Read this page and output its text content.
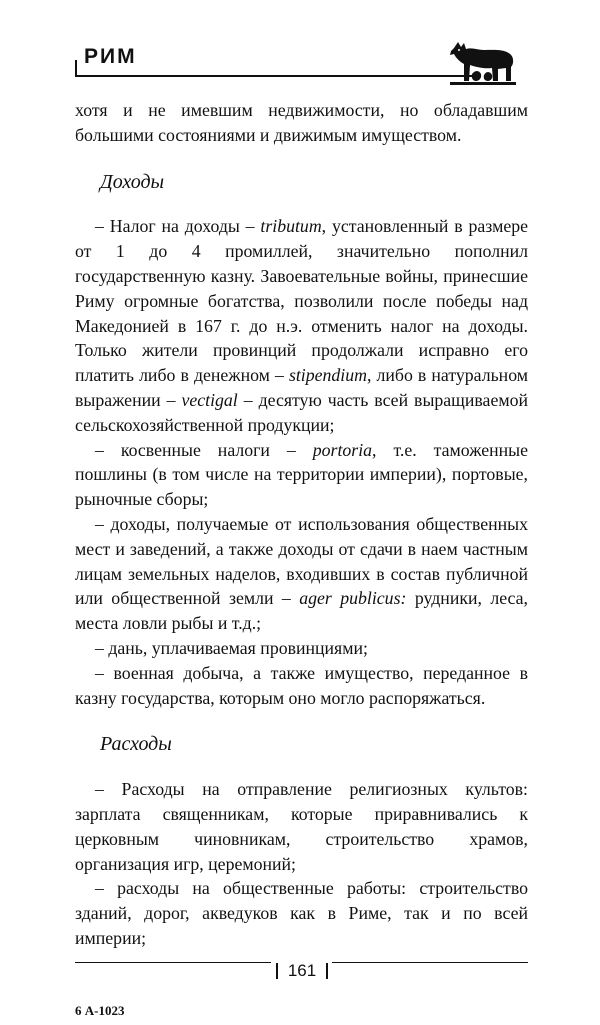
РИМ

хотя и не имевшим недвижимости, но обладавшим большими состояниями и движимым имуществом.

Доходы

– Налог на доходы – tributum, установленный в размере от 1 до 4 промиллей, значительно пополнил государственную казну. Завоевательные войны, принесшие Риму огромные богатства, позволили после победы над Македонией в 167 г. до н.э. отменить налог на доходы. Только жители провинций продолжали исправно его платить либо в денежном – stipendium, либо в натуральном выражении – vectigal – десятую часть всей выращиваемой сельскохозяйственной продукции;

– косвенные налоги – portoria, т.е. таможенные пошлины (в том числе на территории империи), портовые, рыночные сборы;

– доходы, получаемые от использования общественных мест и заведений, а также доходы от сдачи в наем частным лицам земельных наделов, входивших в состав публичной или общественной земли – ager publicus: рудники, леса, места ловли рыбы и т.д.;

– дань, уплачиваемая провинциями;

– военная добыча, а также имущество, переданное в казну государства, которым оно могло распоряжаться.

Расходы

– Расходы на отправление религиозных культов: зарплата священникам, которые приравнивались к церковным чиновникам, строительство храмов, организация игр, церемоний;

– расходы на общественные работы: строительство зданий, дорог, акведуков как в Риме, так и по всей империи;

161
6 А-1023
